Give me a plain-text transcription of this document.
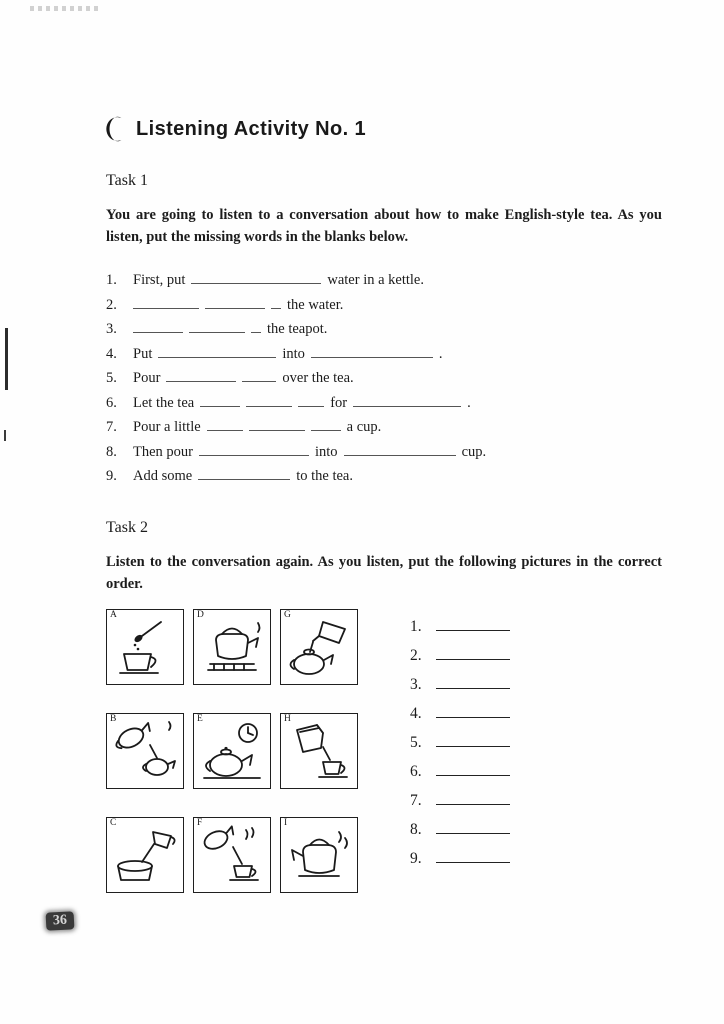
Listening Activity No. 1
Task 1

You are going to listen to a conversation about how to make English-style tea. As you listen, put the missing words in the blanks below.

1. First, put	water in a kettle.
2.	the water.
3.	the teapot.
4. Put	into	.
5. Pour	over the tea.
6. Let the tea	for	.
7. Pour a little	a cup.
8. Then pour	into	cup.
9. Add some	to the tea.
Task 2

Listen to the conversation again. As you listen, put the following pictures in the correct order.

A	D	G
B	E	H
C	F	I
1.
2.
3.
4.
5.
6.
7.
8.
9.
36
